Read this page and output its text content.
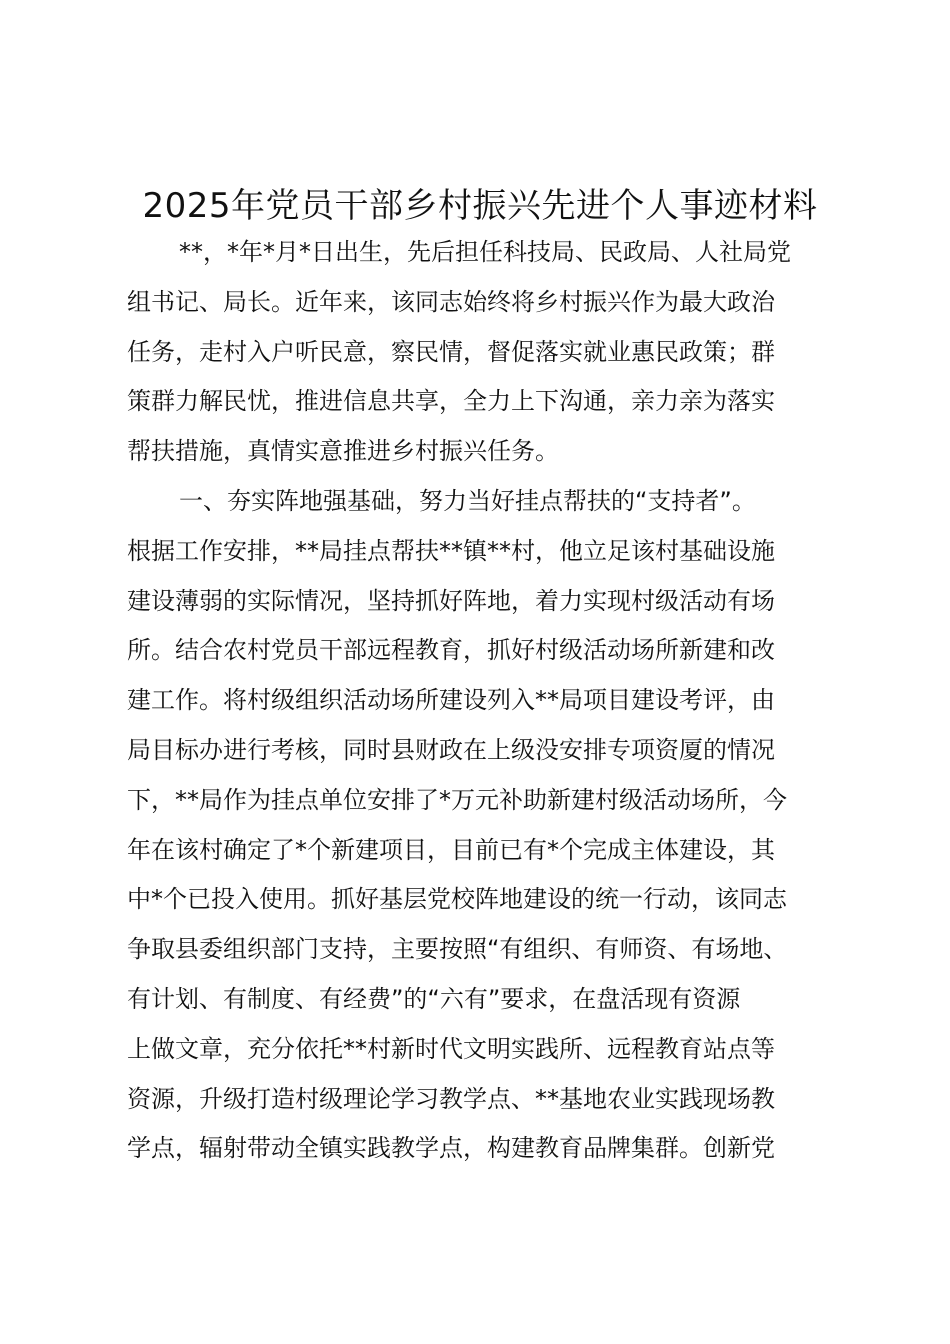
2025年党员干部乡村振兴先进个人事迹材料
**，*年*月*日出生，先后担任科技局、民政局、人社局党
组书记、局长。近年来，该同志始终将乡村振兴作为最大政治
任务，走村入户听民意，察民情，督促落实就业惠民政策；群
策群力解民忧，推进信息共享，全力上下沟通，亲力亲为落实
帮扶措施，真情实意推进乡村振兴任务。
一、夯实阵地强基础，努力当好挂点帮扶的“支持者”。
根据工作安排，**局挂点帮扶**镇**村，他立足该村基础设施
建设薄弱的实际情况，坚持抓好阵地，着力实现村级活动有场
所。结合农村党员干部远程教育，抓好村级活动场所新建和改
建工作。将村级组织活动场所建设列入**局项目建设考评，由
局目标办进行考核，同时县财政在上级没安排专项资厦的情况
下，**局作为挂点单位安排了*万元补助新建村级活动场所，今
年在该村确定了*个新建项目，目前已有*个完成主体建设，其
中*个已投入使用。抓好基层党校阵地建设的统一行动，该同志
争取县委组织部门支持，主要按照“有组织、有师资、有场地、
有计划、有制度、有经费”的“六有”要求，在盘活现有资源
上做文章，充分依托**村新时代文明实践所、远程教育站点等
资源，升级打造村级理论学习教学点、**基地农业实践现场教
学点，辐射带动全镇实践教学点，构建教育品牌集群。创新党
